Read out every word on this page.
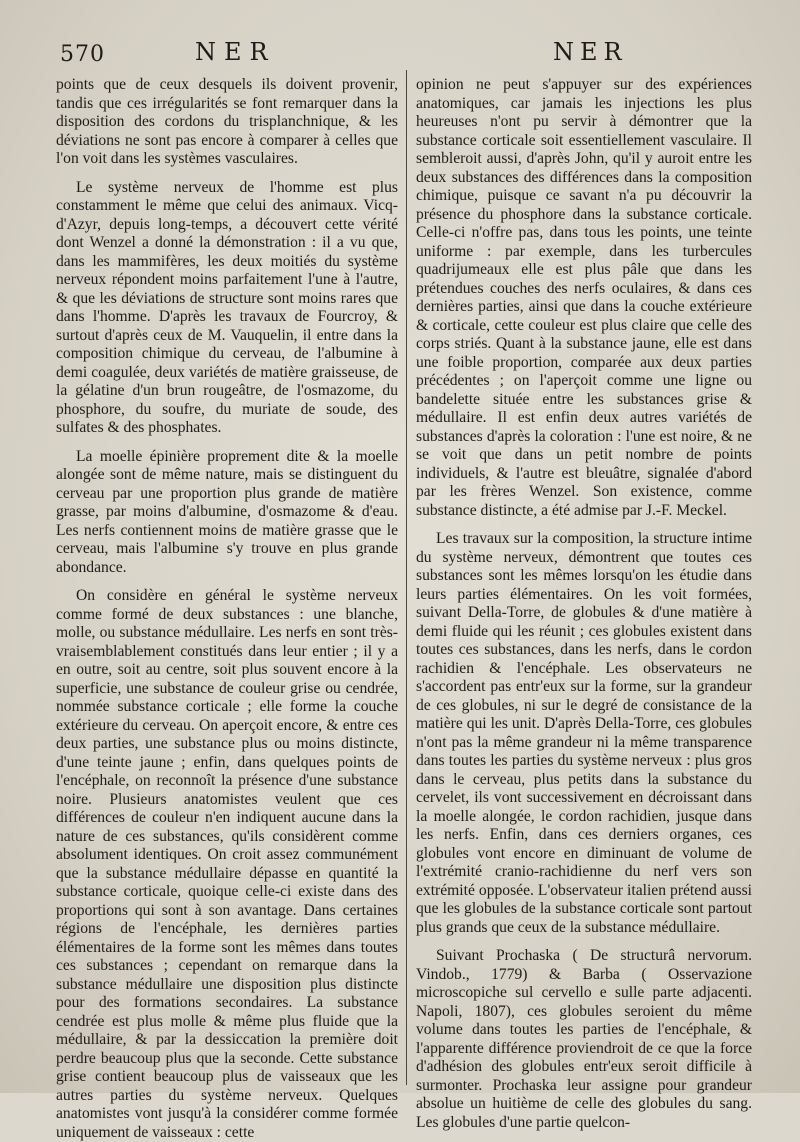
570	NER	NER

points que de ceux desquels ils doivent provenir, tandis que ces irrégularités se font remarquer dans la disposition des cordons du trisplanchnique, & les déviations ne sont pas encore à comparer à celles que l'on voit dans les systèmes vasculaires.

Le système nerveux de l'homme est plus constamment le même que celui des animaux. Vicq-d'Azyr, depuis long-temps, a découvert cette vérité dont Wenzel a donné la démonstration : il a vu que, dans les mammifères, les deux moitiés du système nerveux répondent moins parfaitement l'une à l'autre, & que les déviations de structure sont moins rares que dans l'homme. D'après les travaux de Fourcroy, & surtout d'après ceux de M. Vauquelin, il entre dans la composition chimique du cerveau, de l'albumine à demi coagulée, deux variétés de matière graisseuse, de la gélatine d'un brun rougeâtre, de l'osmazome, du phosphore, du soufre, du muriate de soude, des sulfates & des phosphates.

La moelle épinière proprement dite & la moelle alongée sont de même nature, mais se distinguent du cerveau par une proportion plus grande de matière grasse, par moins d'albumine, d'osmazome & d'eau. Les nerfs contiennent moins de matière grasse que le cerveau, mais l'albumine s'y trouve en plus grande abondance.

On considère en général le système nerveux comme formé de deux substances : une blanche, molle, ou substance médullaire. Les nerfs en sont très-vraisemblablement constitués dans leur entier ; il y a en outre, soit au centre, soit plus souvent encore à la superficie, une substance de couleur grise ou cendrée, nommée substance corticale ; elle forme la couche extérieure du cerveau. On aperçoit encore, & entre ces deux parties, une substance plus ou moins distincte, d'une teinte jaune ; enfin, dans quelques points de l'encéphale, on reconnoît la présence d'une substance noire. Plusieurs anatomistes veulent que ces différences de couleur n'en indiquent aucune dans la nature de ces substances, qu'ils considèrent comme absolument identiques. On croit assez communément que la substance médullaire dépasse en quantité la substance corticale, quoique celle-ci existe dans des proportions qui sont à son avantage. Dans certaines régions de l'encéphale, les dernières parties élémentaires de la forme sont les mêmes dans toutes ces substances ; cependant on remarque dans la substance médullaire une disposition plus distincte pour des formations secondaires. La substance cendrée est plus molle & même plus fluide que la médullaire, & par la dessiccation la première doit perdre beaucoup plus que la seconde. Cette substance grise contient beaucoup plus de vaisseaux que les autres parties du système nerveux. Quelques anatomistes vont jusqu'à la considérer comme formée uniquement de vaisseaux : cette

opinion ne peut s'appuyer sur des expériences anatomiques, car jamais les injections les plus heureuses n'ont pu servir à démontrer que la substance corticale soit essentiellement vasculaire. Il sembleroit aussi, d'après John, qu'il y auroit entre les deux substances des différences dans la composition chimique, puisque ce savant n'a pu découvrir la présence du phosphore dans la substance corticale. Celle-ci n'offre pas, dans tous les points, une teinte uniforme : par exemple, dans les turbercules quadrijumeaux elle est plus pâle que dans les prétendues couches des nerfs oculaires, & dans ces dernières parties, ainsi que dans la couche extérieure & corticale, cette couleur est plus claire que celle des corps striés. Quant à la substance jaune, elle est dans une foible proportion, comparée aux deux parties précédentes ; on l'aperçoit comme une ligne ou bandelette située entre les substances grise & médullaire. Il est enfin deux autres variétés de substances d'après la coloration : l'une est noire, & ne se voit que dans un petit nombre de points individuels, & l'autre est bleuâtre, signalée d'abord par les frères Wenzel. Son existence, comme substance distincte, a été admise par J.-F. Meckel.

Les travaux sur la composition, la structure intime du système nerveux, démontrent que toutes ces substances sont les mêmes lorsqu'on les étudie dans leurs parties élémentaires. On les voit formées, suivant Della-Torre, de globules & d'une matière à demi fluide qui les réunit ; ces globules existent dans toutes ces substances, dans les nerfs, dans le cordon rachidien & l'encéphale. Les observateurs ne s'accordent pas entr'eux sur la forme, sur la grandeur de ces globules, ni sur le degré de consistance de la matière qui les unit. D'après Della-Torre, ces globules n'ont pas la même grandeur ni la même transparence dans toutes les parties du système nerveux : plus gros dans le cerveau, plus petits dans la substance du cervelet, ils vont successivement en décroissant dans la moelle alongée, le cordon rachidien, jusque dans les nerfs. Enfin, dans ces derniers organes, ces globules vont encore en diminuant de volume de l'extrémité cranio-rachidienne du nerf vers son extrémité opposée. L'observateur italien prétend aussi que les globules de la substance corticale sont partout plus grands que ceux de la substance médullaire.

Suivant Prochaska ( De structurâ nervorum. Vindob., 1779) & Barba ( Osservazione microscopiche sul cervello e sulle parte adjacenti. Napoli, 1807), ces globules seroient du même volume dans toutes les parties de l'encéphale, & l'apparente différence proviendroit de ce que la force d'adhésion des globules entr'eux seroit difficile à surmonter. Prochaska leur assigne pour grandeur absolue un huitième de celle des globules du sang. Les globules d'une partie quelcon-
